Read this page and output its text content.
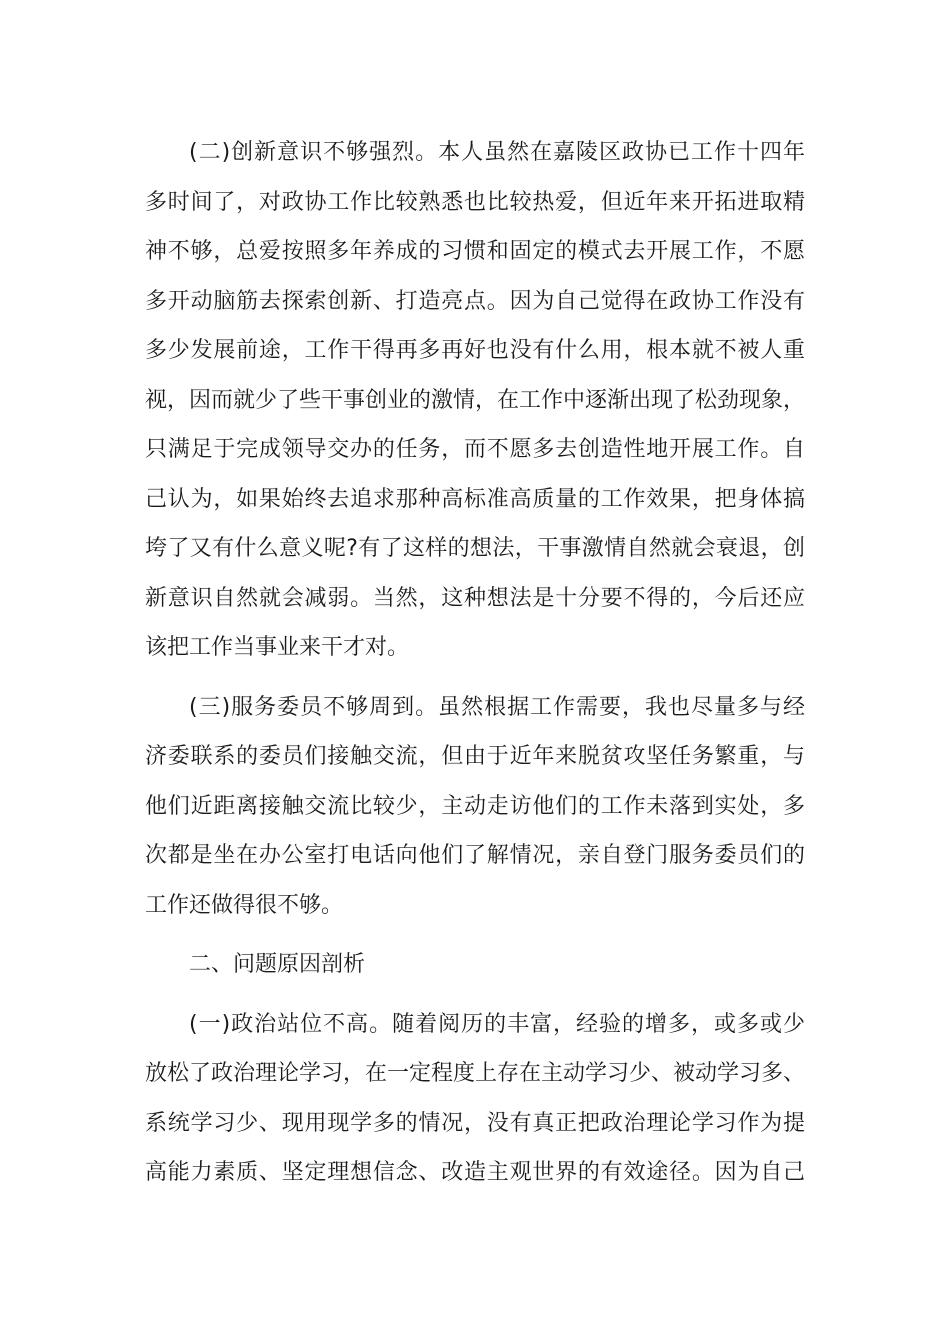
(二)创新意识不够强烈。本人虽然在嘉陵区政协已工作十四年
多时间了，对政协工作比较熟悉也比较热爱，但近年来开拓进取精
神不够，总爱按照多年养成的习惯和固定的模式去开展工作，不愿
多开动脑筋去探索创新、打造亮点。因为自己觉得在政协工作没有
多少发展前途，工作干得再多再好也没有什么用，根本就不被人重
视，因而就少了些干事创业的激情，在工作中逐渐出现了松劲现象，
只满足于完成领导交办的任务，而不愿多去创造性地开展工作。自
己认为，如果始终去追求那种高标准高质量的工作效果，把身体搞
垮了又有什么意义呢?有了这样的想法，干事激情自然就会衰退，创
新意识自然就会减弱。当然，这种想法是十分要不得的，今后还应
该把工作当事业来干才对。
(三)服务委员不够周到。虽然根据工作需要，我也尽量多与经
济委联系的委员们接触交流，但由于近年来脱贫攻坚任务繁重，与
他们近距离接触交流比较少，主动走访他们的工作未落到实处，多
次都是坐在办公室打电话向他们了解情况，亲自登门服务委员们的
工作还做得很不够。
二、问题原因剖析
(一)政治站位不高。随着阅历的丰富，经验的增多，或多或少
放松了政治理论学习，在一定程度上存在主动学习少、被动学习多、
系统学习少、现用现学多的情况，没有真正把政治理论学习作为提
高能力素质、坚定理想信念、改造主观世界的有效途径。因为自己
